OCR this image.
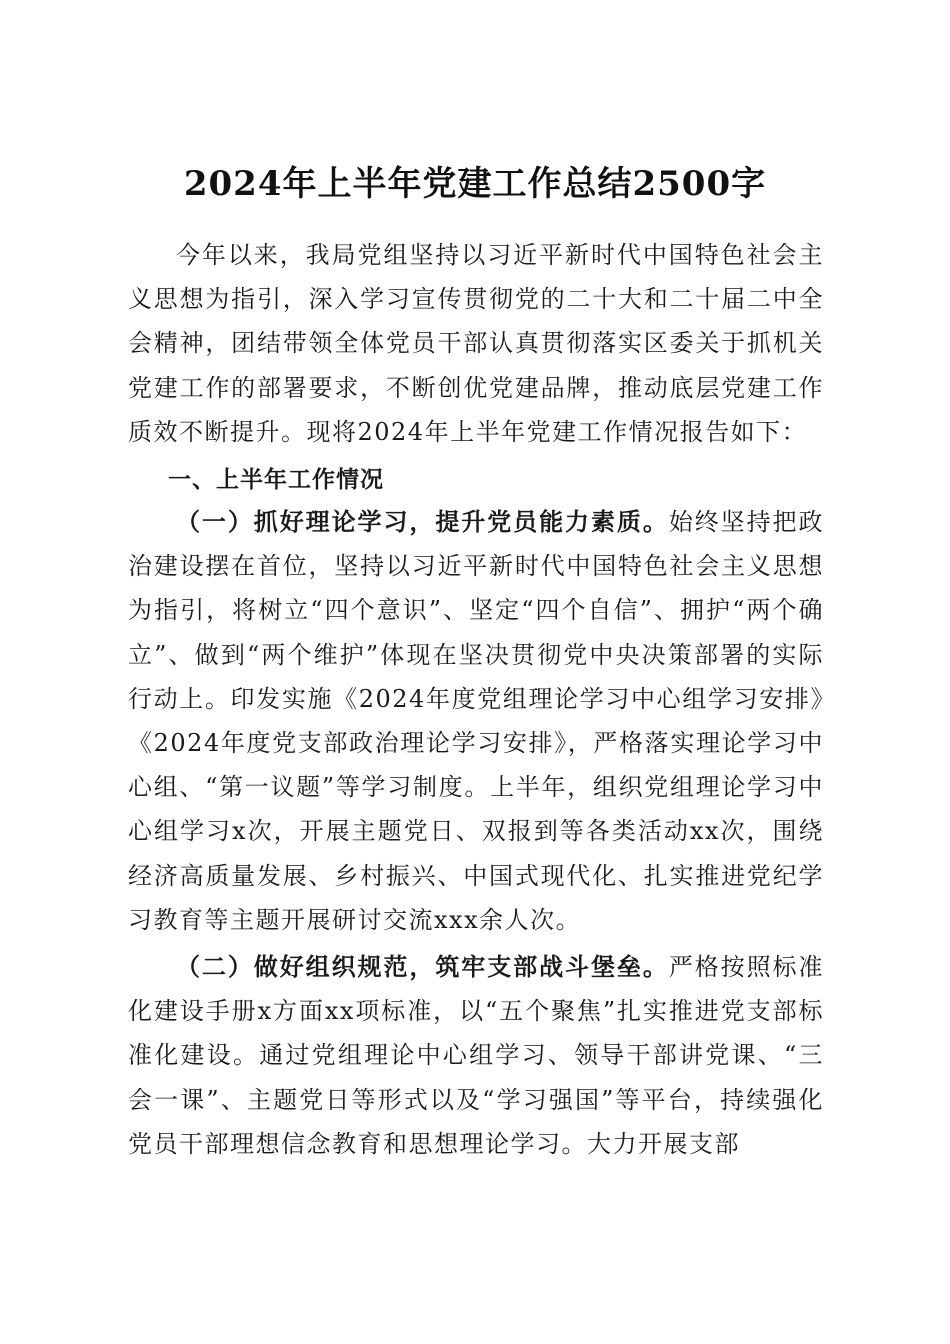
2024年上半年党建工作总结2500字

今年以来，我局党组坚持以习近平新时代中国特色社会主义思想为指引，深入学习宣传贯彻党的二十大和二十届二中全会精神，团结带领全体党员干部认真贯彻落实区委关于抓机关党建工作的部署要求，不断创优党建品牌，推动底层党建工作质效不断提升。现将2024年上半年党建工作情况报告如下：

一、上半年工作情况

（一）抓好理论学习，提升党员能力素质。始终坚持把政治建设摆在首位，坚持以习近平新时代中国特色社会主义思想为指引，将树立“四个意识”、坚定“四个自信”、拥护“两个确立”、做到“两个维护”体现在坚决贯彻党中央决策部署的实际行动上。印发实施《2024年度党组理论学习中心组学习安排》《2024年度党支部政治理论学习安排》，严格落实理论学习中心组、“第一议题”等学习制度。上半年，组织党组理论学习中心组学习x次，开展主题党日、双报到等各类活动xx次，围绕经济高质量发展、乡村振兴、中国式现代化、扎实推进党纪学习教育等主题开展研讨交流xxx余人次。

（二）做好组织规范，筑牢支部战斗堡垒。严格按照标准化建设手册x方面xx项标准，以“五个聚焦”扎实推进党支部标准化建设。通过党组理论中心组学习、领导干部讲党课、“三会一课”、主题党日等形式以及“学习强国”等平台，持续强化党员干部理想信念教育和思想理论学习。大力开展支部
